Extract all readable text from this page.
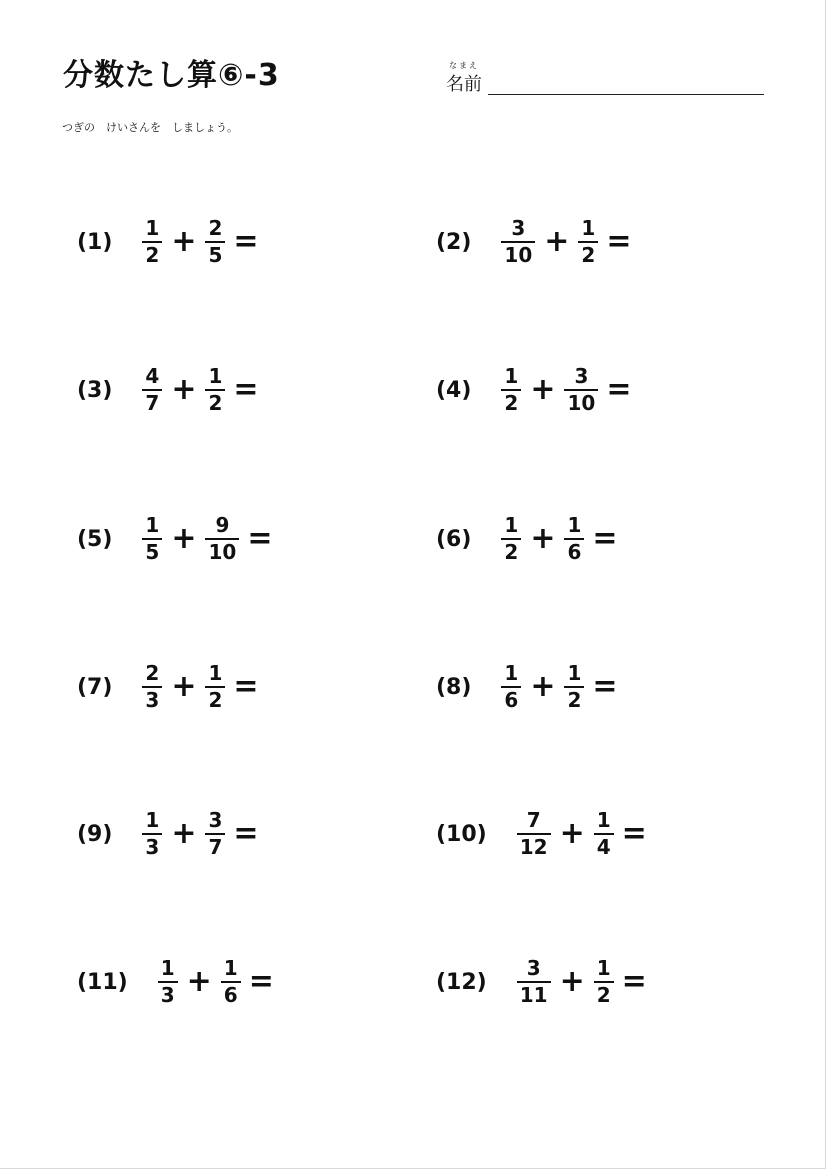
分数たし算⑥-3	なまえ
名前
つぎの　けいさんを　しましょう。
$(1) \frac{1}{2} + \frac{2}{5}$ =	$(2) \frac{3}{10} + \frac{1}{2}$ =
$(3) \frac{4}{7} + \frac{1}{2}$ =	$(4) \frac{1}{2} + \frac{3}{10}$ =
$(5) \frac{1}{5} + \frac{9}{10}$ =	$(6) \frac{1}{2} + \frac{1}{6}$ =
$(7) \frac{2}{3} + \frac{1}{2}$ =	$(8) \frac{1}{6} + \frac{1}{2}$ =
$(9) \frac{1}{3} + \frac{3}{7}$ =	$(10) \frac{7}{12} + \frac{1}{4}$ =
$(11) \frac{1}{3} + \frac{1}{6}$ =	$(12) \frac{3}{11} + \frac{1}{2}$ =
